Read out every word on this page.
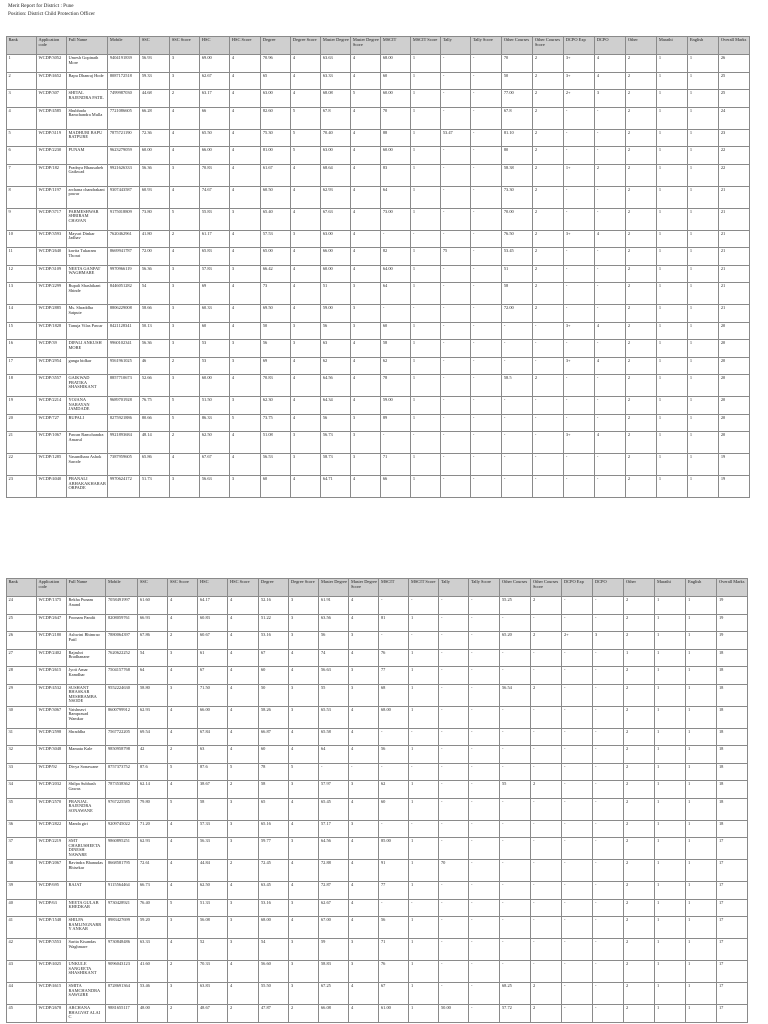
Merit Report for District : Pune
Position: District Child Protection Officer
Rank	Application code	Full Name	Mobile	SSC	SSC Score	HSC	HSC Score	Degree	Degree Score	Master Degree	Master Degree Score	MSCIT	MSCIT Score	Tally	Tally Score	Other Courses	Other Courses Score	DCPO Exp	DCPO	Other	Marathi	English	Overall Marks
1	WCDP/3052	Umesh Gopinath More	9404191839	56.93	3	69.00	4	70.96	4	63.63	4	68.00	1	-	-	70	2	3+	4	2	1	1	26
2	WCDP/4652	Bapu Dhanraj Hode	8087172518	59.33	3	62.67	4	65	4	63.33	4	60	1	-	-	50	2	3+	4	2	1	1	25
3	WCDP/307	SHITAL RAJENDRA PATIL	7499987030	44.68	2	63.17	4	63.00	4	68.08	5	60.00	1	-	-	77.00	2	2+	3	2	1	1	25
4	WCDP/4585	Shubhada Ramchandra Mulla	7721086605	66.28	4	66	4	82.60	5	67.8	4	70	1	-	-	67.8	2	-	-	2	1	1	24
5	WCDP/3119	MADHURI BAPU RATPURE	7875721190	72.36	4	65.50	4	75.30	5	70.40	4	88	1	53.47	-	81.10	2	-	-	2	1	1	23
6	WCDP/2230	PUNAM	9623279059	60.00	4	66.00	4	81.00	5	63.00	4	60.00	1	-	-	80	2	-	-	2	1	1	22
7	WCDP/182	Pradnya Bhausaheb Gaikwad	9921626333	56.36	3	70.83	4	61.67	4	68.64	4	83	1	-	-	58.38	2	1+	2	2	1	1	22
8	WCDP/1197	archana chandrakant pawar	9307443587	60.93	4	74.67	4	60.50	4	62.93	4	64	1	-	-	73.30	2	-	-	2	1	1	21
9	WCDP/3717	PARMESHWAR SHRIRAM CHAVAN	9175018809	73.80	5	55.83	3	65.40	4	67.63	4	73.00	1	-	-	70.00	2	-	-	2	1	1	21
10	WCDP/3593	Mayuri Dinkar Jadhav	7620462961	41.80	2	61.17	4	57.53	3	63.00	4	-	-	-	-	76.50	2	3+	4	2	1	1	21
11	WCDP/2640	kavita Tukaram Thorat	8669941787	72.00	4	65.83	4	65.00	4	66.00	4	82	1	75	-	53.45	2	-	-	2	1	1	21
12	WCDP/3109	NEETA GANPAT WAGHMARE	9970966119	56.36	3	57.83	3	66.42	4	60.00	4	64.00	1	-	-	51	2	-	-	2	1	1	21
13	WCDP/2299	Rupali Shashikant Shinde	8446051282	54	3	69	4	73	4	51	3	64	1	-	-	58	2	-	-	2	1	1	21
14	WCDP/2885	Ms. Shraddha Satpute	8806229008	58.66	3	60.33	4	69.50	4	59.00	3	-	-	-	-	72.00	2	-	-	2	1	1	21
15	WCDP/1828	Tanuja Vilas Pawar	8421128341	50.13	3	60	4	50	3	56	3	60	1	-	-	-	-	3+	4	2	1	1	20
16	WCDP/39	DIPALI ANKUSH MORE	9960102341	56.36	3	53	3	56	3	63	4	58	1	-	-	-	-	-	-	2	1	1	20
17	WCDP/2954	ganga bidkar	9561961025	46	2	53	3	69	4	62	4	62	1	-	-	-	-	3+	4	2	1	1	20
18	WCDP/3557	GAIKWAD PRATIKA SHASHIKANT	8857710673	52.66	3	60.00	4	70.83	4	64.56	4	78	1	-	-	58.5	2	-	-	2	1	1	20
19	WCDP/2214	YOJANA NARAYAN JAMDADE	9689701928	76.75	5	51.50	3	62.30	4	64.34	4	59.00	1	-	-	-	-	-	-	2	1	1	20
20	WCDP/727	RUPALI	8275921886	80.66	5	86.33	5	73.75	4	56	3	89	1	-	-	-	-	-	-	2	1	1	20
21	WCDP/1067	Pawan Ramchandra Amarul	9921893684	48.14	2	62.50	4	51.08	3	56.73	3	-	-	-	-	-	-	3+	4	2	1	1	20
22	WCDP/1285	Vasundhara Ashok Sarode	7387959605	65.86	4	67.67	4	56.53	3	58.73	3	71	1	-	-	-	-	-	-	2	1	1	19
23	WCDP/4040	PRANALI ABHAKAKHARAB ORPADE	9970624172	51.73	3	56.63	3	60	4	64.71	4	66	1	-	-	-	-	-	-	2	1	1	19
Rank	Application code	Full Name	Mobile	SSC	SSC Score	HSC	HSC Score	Degree	Degree Score	Master Degree	Master Degree Score	MSCIT	MSCIT Score	Tally	Tally Score	Other Courses	Other Courses Score	DCPO Exp	DCPO	Other	Marathi	English	Overall Marks
24	WCDP/1375	Rekha Punam Anand	7058491997	61.60	4	64.17	4	52.16	3	61.91	4	-	-	-	-	55.25	2	-	-	2	1	1	19
25	WCDP/2647	Poonam Pandit	8208059761	66.93	4	60.83	4	51.22	3	63.56	4	81	1	-	-	-	-	-	-	2	1	1	19
26	WCDP/2180	Ashwini Bhimrao Patil	7880064397	67.86	2	60.67	4	53.16	3	56	3	-	-	-	-	65.20	2	2+	3	2	1	1	19
27	WCDP/2402	Rajashri Bradhanane	7620622252	54	3	61	4	67	4	74	4	76	1	-	-	-	-	-	-	1	1	1	18
28	WCDP/2615	Jyoti Amar Kamdhar	7504157768	64	4	67	4	60	4	56.63	3	77	1	-	-	-	-	-	-	2	1	1	18
29	WCDP/4532	SUSHANT BHASKAR MESHRAMBA NSODE	9552224630	58.80	3	71.50	4	50	3	55	3	68	1	-	-	56.54	2	-	-	2	1	1	18
30	WCDP/3067	Vaishnavi Ramprasad Wamkar	8600799912	62.93	4	66.00	4	58.26	3	65.53	4	68.00	1	-	-	-	-	-	-	2	1	1	18
31	WCDP/2598	Shraddha	7567722205	69.54	4	67.84	4	66.87	4	65.58	4	-	-	-	-	-	-	-	-	2	1	1	18
32	WCDP/3048	Mamata Kale	9850958798	42	2	63	4	60	4	64	4	56	1	-	-	-	-	-	-	2	1	1	18
33	WCDP/92	Divya Sonawane	8757373752	87.6	5	87.6	5	78	5	-	-	-	-	-	-	-	-	-	-	2	1	1	18
34	WCDP/2032	Shilpa Subhash Gawas	7873538362	62.14	4	38.67	2	58	3	57.97	3	62	1	-	-	55	2	-	-	2	1	1	18
35	WCDP/2570	PRANJAL RAJENDRA SONAWANE	9767225585	79.80	5	58	3	65	4	65.45	4	60	1	-	-	-	-	-	-	2	1	1	18
36	WCDP/2822	Manda giri	9209745022	71.20	4	57.33	3	65.16	4	57.17	3	-	-	-	-	-	-	-	-	2	1	1	18
37	WCDP/2219	SMT CHARUSHEETA DINESH NAWARE	9860895251	62.93	4	56.33	3	59.77	3	64.56	4	85.00	1	-	-	-	-	-	-	2	1	1	17
38	WCDP/2067	Ravindra Bhanudas Bhisekar	8668581795	72.61	4	44.84	2	72.45	4	72.88	4	91	1	70	-	-	-	-	-	2	1	1	17
39	WCDP/695	RAJAT	9115564464	66.73	4	62.50	4	63.45	4	72.87	4	77	1	-	-	-	-	-	-	2	1	1	17
40	WCDP/63	NEETA GULAB KHEDKAR	9730428921	76.40	5	51.33	3	53.16	3	62.67	4	-	-	-	-	-	-	-	-	2	1	1	17
41	WCDP/1548	SHILPA RAMLINGNARRY ANKAR	8983427699	59.20	3	56.08	3	68.00	4	67.00	4	56	1	-	-	-	-	-	-	2	1	1	17
42	WCDP/3553	Sarita Kisandas Waghmare	9730848486	63.33	4	52	3	54	3	59	3	71	1	-	-	-	-	-	-	2	1	1	17
43	WCDP/4025	UNKULE SANGEETA SHASHIKANT	9096043123	41.60	2	70.33	4	56.60	3	58.83	3	76	1	-	-	-	-	-	-	2	1	1	17
44	WCDP/4615	SMITA RAMCHANDRA SAWGIRE	8728691364	53.46	3	63.83	4	55.50	3	67.25	4	67	1	-	-	68.25	2	-	-	2	1	1	17
45	WCDP/2678	ARCHANA BHAGVAT ALAI C	9881655117	48.00	2	48.67	2	47.87	2	66.08	4	61.00	1	50.00	-	57.72	2	-	-	2	1	1	17
